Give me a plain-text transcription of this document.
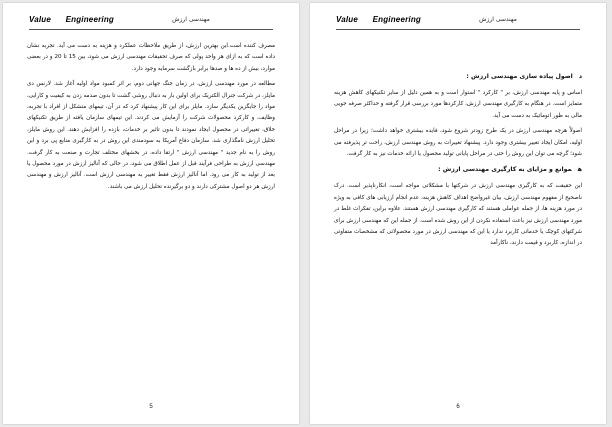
Value      Engineering	مهندسی ارزش

مصرف کننده است.این بهترین ارزش، از طریق ملاحظات عملکرد و هزینه به دست می آید. تجربه نشان داده است که به ازای هر واحد پولی که صرف تحقیقات مهندسی ارزش می شود، بین 15 تا 20 و در بعضی موارد، بیش از ده ها و صدها برابر بازگشت سرمایه وجود دارد.

مطالعه در مورد مهندسی ارزش، در زمان جنگ جهانی دوم، بر اثر کمبود مواد اولیه آغاز شد. لارنس دی مایلز، در شرکت جنرال الکتریک برای اولین بار به دنبال روشی گشت تا بدون صدمه زدن به کیفیت و کارایی، مواد را جایگزین یکدیگر سازد. مایلز برای این کار پیشنهاد کرد که در آن، تیمهای متشکل از افراد با تجربه، وظایف، و کارکرد محصولات شرکت را آزمایش می کردند. این تیمهای سازمان یافته از طریق تکنیکهای خلاق، تغییراتی در محصول ایجاد نمودند تا بدون تاثیر بر خدمات، بازده را افزایش دهند. این روش مایلز، تحلیل ارزش نامگذاری شد. سازمان دفاع آمریکا به سودمندی این روش در به کارگیری منابع پی برد و این روش را به نام جدید " مهندسی ارزش " ارتقا داده، در بخشهای مختلف تجارت و صنعت به کار گرفت. مهندسی ارزش به طراحی فرآیند قبل از عمل اطلاق می شود، در حالی که آنالیز ارزش در مورد محصول یا بعد از تولید به کار می رود. اما آنالیز ارزش فقط تغییر به مهندسی ارزش است. آنالیز ارزش و مهندسی ارزش هر دو اصول مشترکی دارند و دو برگیرنده تحلیل ارزش می باشند.

5
Value      Engineering	مهندسی ارزش
داصول پیاده سازی مهندسی ارزش :

اساس و پایه مهندسی ارزش، بر " کارکرد " استوار است و به همین دلیل از سایر تکنیکهای کاهش هزینه متمایز است. در هنگام به کارگیری مهندسی ارزش، کارکردها مورد بررسی قرار گرفته و حداکثر صرفه جویی مالی به طور اتوماتیک به دست می آید.

اصولاً هرچه مهندسی ارزش در یک طرح زودتر شروع شود، فایده بیشتری خواهد داشت؛ زیرا در مراحل اولیه، امکان ایجاد تغییر بیشتری وجود دارد. پیشنهاد تغییرات به روش مهندسی ارزش، راحت تر پذیرفته می شود؛ گرچه می توان این روش را حتی در مراحل پایانی تولید محصول یا ارائه خدمات نیز به کار گرفت.

هموانع و مزایای به کارگیری مهندسی ارزش :

این حقیقت که به کارگیری مهندسی ارزش در شرکتها با مشکلاتی مواجه است، انکارناپذیر است. درک ناصحیح از مفهوم مهندسی ارزش، بیان غیرواضح اهداف کاهش هزینه، عدم انجام ارزیابی های کافی به ویژه در مورد هزینه ها، از جمله عواملی هستند که کارگیری مهندسی ارزش هستند. علاوه براین، تفکرات غلط در مورد مهندسی ارزش نیز باعث استفاده نکردن از این روش شده است. از جمله این که مهندسی ارزش برای شرکتهای کوچک یا خدماتی کاربرد ندارد یا این که مهندسی ارزش در مورد محصولاتی که مشخصات متفاوتی در اندازه، کاربرد و قیمت دارند، ناکارآمد

6
